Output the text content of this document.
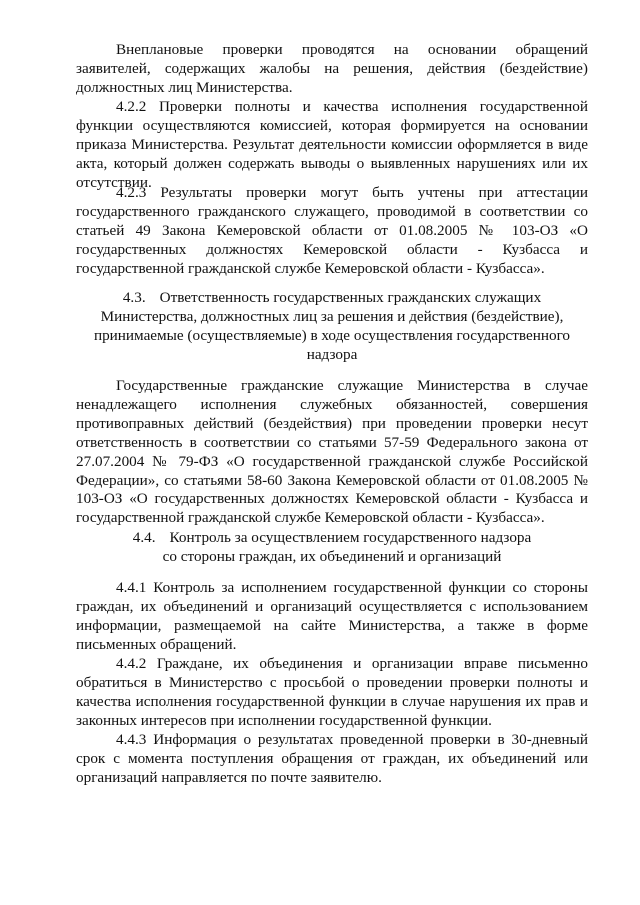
Внеплановые проверки проводятся на основании обращений заявителей, содержащих жалобы на решения, действия (бездействие) должностных лиц Министерства.

4.2.2 Проверки полноты и качества исполнения государственной функции осуществляются комиссией, которая формируется на основании приказа Министерства. Результат деятельности комиссии оформляется в виде акта, который должен содержать выводы о выявленных нарушениях или их отсутствии.

4.2.3 Результаты проверки могут быть учтены при аттестации государственного гражданского служащего, проводимой в соответствии со статьей 49 Закона Кемеровской области от 01.08.2005 № 103-ОЗ «О государственных должностях Кемеровской области - Кузбасса и государственной гражданской службе Кемеровской области - Кузбасса».

4.3. Ответственность государственных гражданских служащих
Министерства, должностных лиц за решения и действия (бездействие),
принимаемые (осуществляемые) в ходе осуществления государственного
надзора

Государственные гражданские служащие Министерства в случае ненадлежащего исполнения служебных обязанностей, совершения противоправных действий (бездействия) при проведении проверки несут ответственность в соответствии со статьями 57-59 Федерального закона от 27.07.2004 № 79-ФЗ «О государственной гражданской службе Российской Федерации», со статьями 58-60 Закона Кемеровской области от 01.08.2005 № 103-ОЗ «О государственных должностях Кемеровской области - Кузбасса и государственной гражданской службе Кемеровской области - Кузбасса».

4.4. Контроль за осуществлением государственного надзора
со стороны граждан, их объединений и организаций

4.4.1 Контроль за исполнением государственной функции со стороны граждан, их объединений и организаций осуществляется с использованием информации, размещаемой на сайте Министерства, а также в форме письменных обращений.

4.4.2 Граждане, их объединения и организации вправе письменно обратиться в Министерство с просьбой о проведении проверки полноты и качества исполнения государственной функции в случае нарушения их прав и законных интересов при исполнении государственной функции.

4.4.3 Информация о результатах проведенной проверки в 30-дневный срок с момента поступления обращения от граждан, их объединений или организаций направляется по почте заявителю.
